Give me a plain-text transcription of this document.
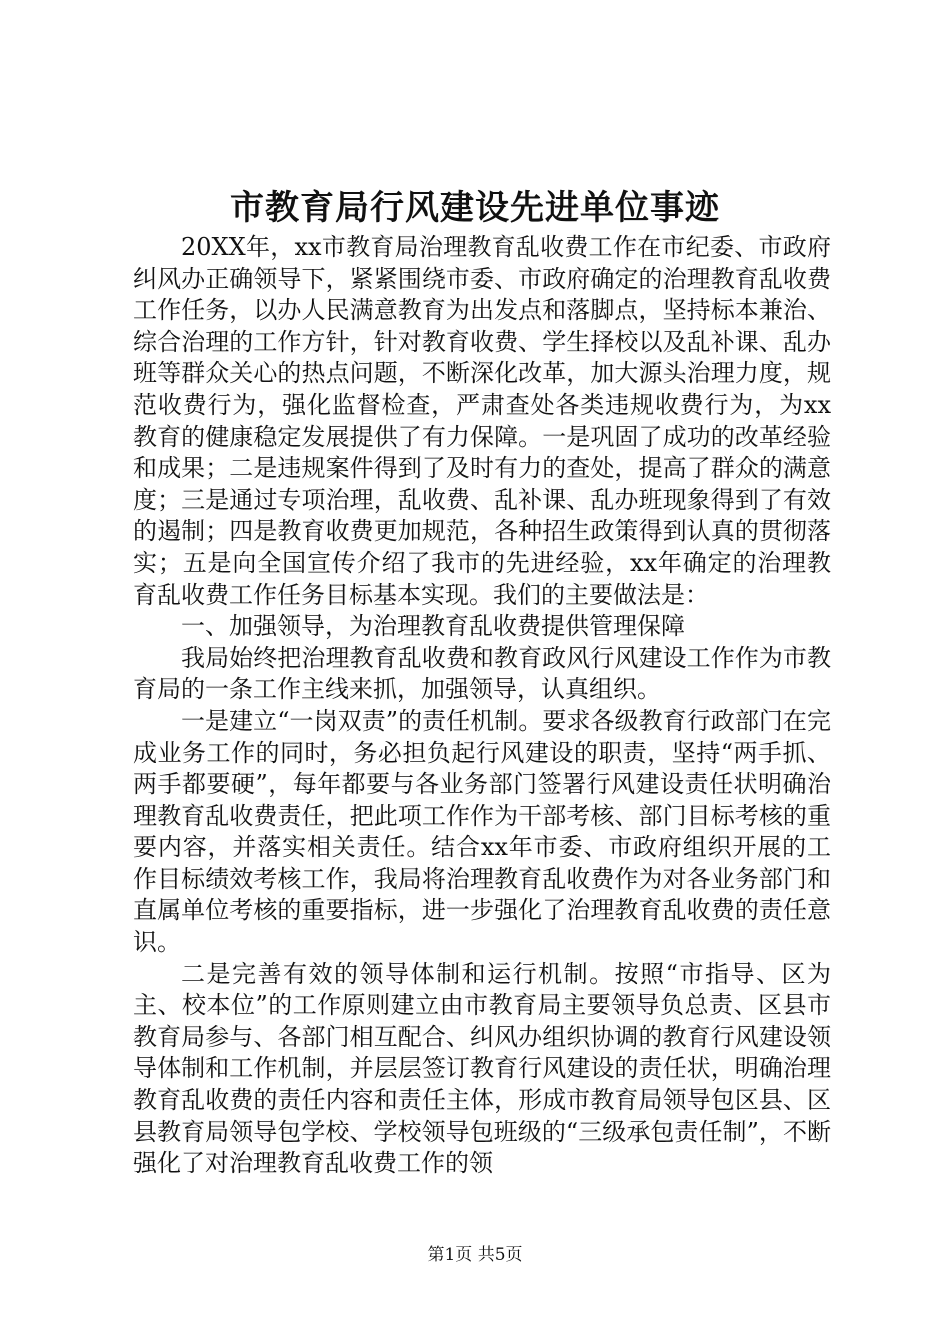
市教育局行风建设先进单位事迹

20XX年，xx市教育局治理教育乱收费工作在市纪委、市政府纠风办正确领导下，紧紧围绕市委、市政府确定的治理教育乱收费工作任务，以办人民满意教育为出发点和落脚点，坚持标本兼治、综合治理的工作方针，针对教育收费、学生择校以及乱补课、乱办班等群众关心的热点问题，不断深化改革，加大源头治理力度，规范收费行为，强化监督检查，严肃查处各类违规收费行为，为xx教育的健康稳定发展提供了有力保障。一是巩固了成功的改革经验和成果；二是违规案件得到了及时有力的查处，提高了群众的满意度；三是通过专项治理，乱收费、乱补课、乱办班现象得到了有效的遏制；四是教育收费更加规范，各种招生政策得到认真的贯彻落实；五是向全国宣传介绍了我市的先进经验，xx年确定的治理教育乱收费工作任务目标基本实现。我们的主要做法是：

一、加强领导，为治理教育乱收费提供管理保障

我局始终把治理教育乱收费和教育政风行风建设工作作为市教育局的一条工作主线来抓，加强领导，认真组织。

一是建立“一岗双责”的责任机制。要求各级教育行政部门在完成业务工作的同时，务必担负起行风建设的职责，坚持“两手抓、两手都要硬”，每年都要与各业务部门签署行风建设责任状明确治理教育乱收费责任，把此项工作作为干部考核、部门目标考核的重要内容，并落实相关责任。结合xx年市委、市政府组织开展的工作目标绩效考核工作，我局将治理教育乱收费作为对各业务部门和直属单位考核的重要指标，进一步强化了治理教育乱收费的责任意识。

二是完善有效的领导体制和运行机制。按照“市指导、区为主、校本位”的工作原则建立由市教育局主要领导负总责、区县市教育局参与、各部门相互配合、纠风办组织协调的教育行风建设领导体制和工作机制，并层层签订教育行风建设的责任状，明确治理教育乱收费的责任内容和责任主体，形成市教育局领导包区县、区县教育局领导包学校、学校领导包班级的“三级承包责任制”，不断强化了对治理教育乱收费工作的领

第1页 共5页
